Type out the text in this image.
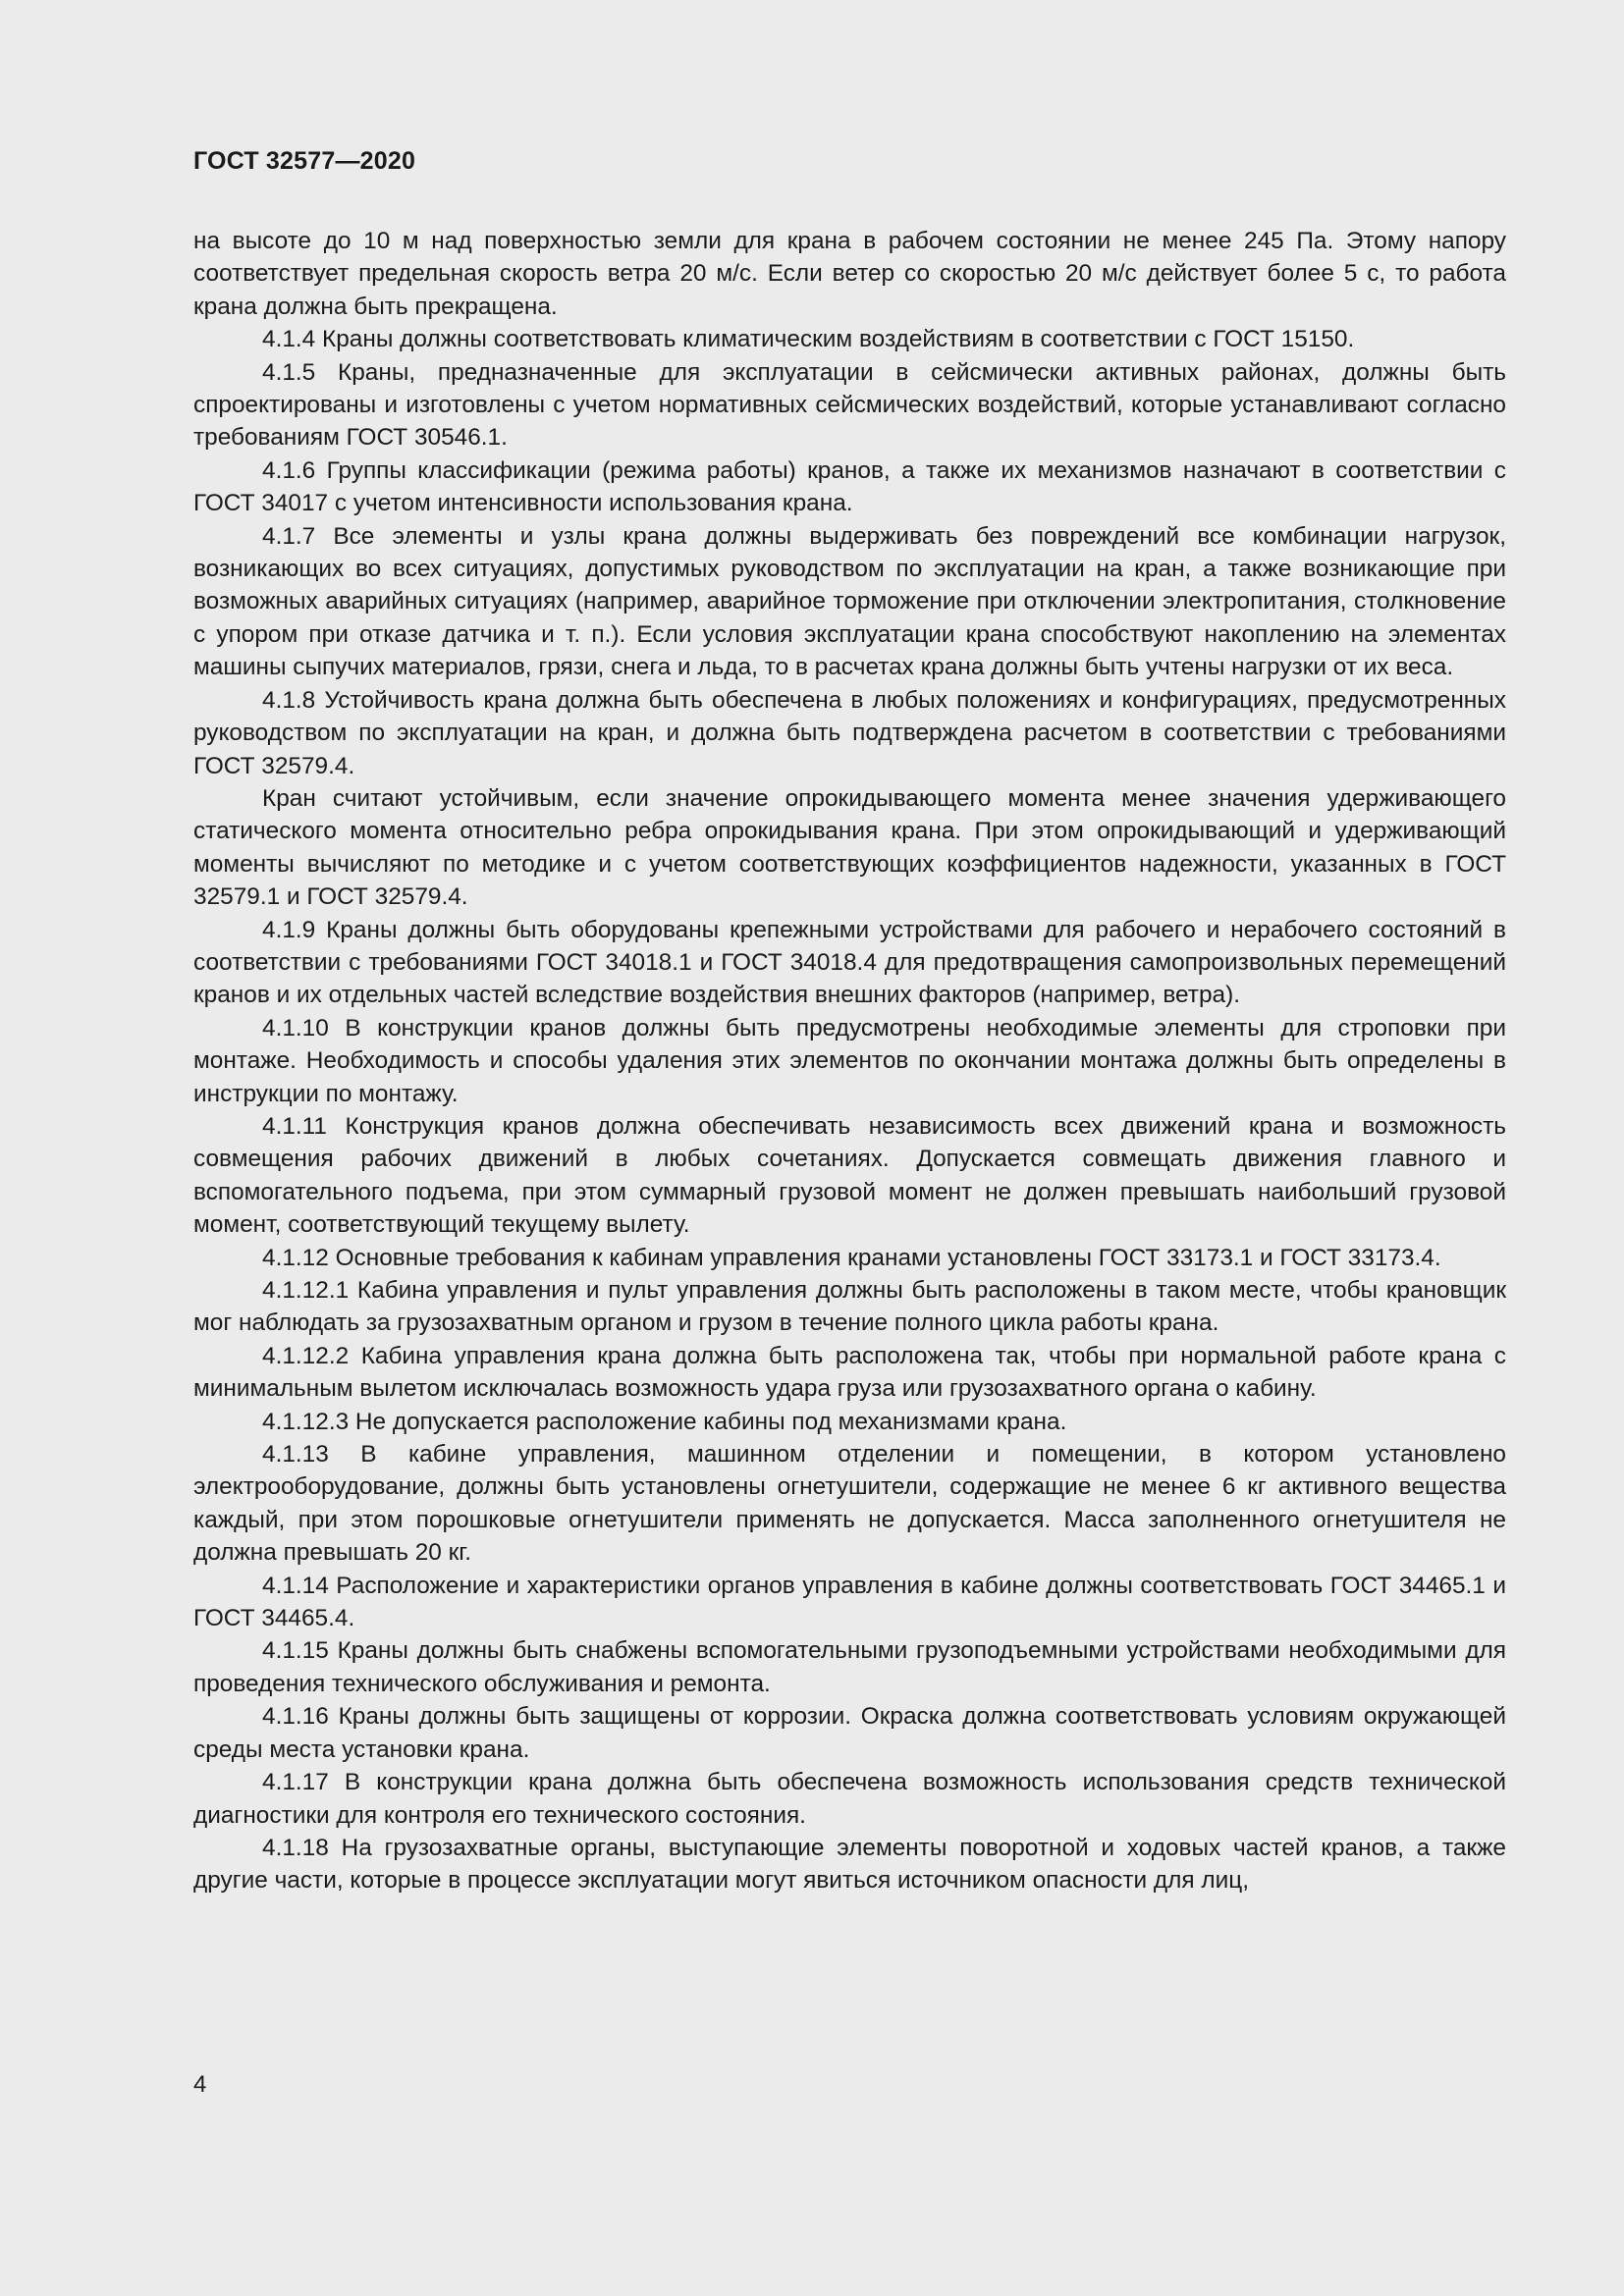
ГОСТ 32577—2020

на высоте до 10 м над поверхностью земли для крана в рабочем состоянии не менее 245 Па. Этому напору соответствует предельная скорость ветра 20 м/с. Если ветер со скоростью 20 м/с действует более 5 с, то работа крана должна быть прекращена.

4.1.4 Краны должны соответствовать климатическим воздействиям в соответствии с ГОСТ 15150.

4.1.5 Краны, предназначенные для эксплуатации в сейсмически активных районах, должны быть спроектированы и изготовлены с учетом нормативных сейсмических воздействий, которые устанавливают согласно требованиям ГОСТ 30546.1.

4.1.6 Группы классификации (режима работы) кранов, а также их механизмов назначают в соответствии с ГОСТ 34017 с учетом интенсивности использования крана.

4.1.7 Все элементы и узлы крана должны выдерживать без повреждений все комбинации нагрузок, возникающих во всех ситуациях, допустимых руководством по эксплуатации на кран, а также возникающие при возможных аварийных ситуациях (например, аварийное торможение при отключении электропитания, столкновение с упором при отказе датчика и т. п.). Если условия эксплуатации крана способствуют накоплению на элементах машины сыпучих материалов, грязи, снега и льда, то в расчетах крана должны быть учтены нагрузки от их веса.

4.1.8 Устойчивость крана должна быть обеспечена в любых положениях и конфигурациях, предусмотренных руководством по эксплуатации на кран, и должна быть подтверждена расчетом в соответствии с требованиями ГОСТ 32579.4.

Кран считают устойчивым, если значение опрокидывающего момента менее значения удерживающего статического момента относительно ребра опрокидывания крана. При этом опрокидывающий и удерживающий моменты вычисляют по методике и с учетом соответствующих коэффициентов надежности, указанных в ГОСТ 32579.1 и ГОСТ 32579.4.

4.1.9 Краны должны быть оборудованы крепежными устройствами для рабочего и нерабочего состояний в соответствии с требованиями ГОСТ 34018.1 и ГОСТ 34018.4 для предотвращения самопроизвольных перемещений кранов и их отдельных частей вследствие воздействия внешних факторов (например, ветра).

4.1.10 В конструкции кранов должны быть предусмотрены необходимые элементы для строповки при монтаже. Необходимость и способы удаления этих элементов по окончании монтажа должны быть определены в инструкции по монтажу.

4.1.11 Конструкция кранов должна обеспечивать независимость всех движений крана и возможность совмещения рабочих движений в любых сочетаниях. Допускается совмещать движения главного и вспомогательного подъема, при этом суммарный грузовой момент не должен превышать наибольший грузовой момент, соответствующий текущему вылету.

4.1.12 Основные требования к кабинам управления кранами установлены ГОСТ 33173.1 и ГОСТ 33173.4.

4.1.12.1 Кабина управления и пульт управления должны быть расположены в таком месте, чтобы крановщик мог наблюдать за грузозахватным органом и грузом в течение полного цикла работы крана.

4.1.12.2 Кабина управления крана должна быть расположена так, чтобы при нормальной работе крана с минимальным вылетом исключалась возможность удара груза или грузозахватного органа о кабину.

4.1.12.3 Не допускается расположение кабины под механизмами крана.

4.1.13 В кабине управления, машинном отделении и помещении, в котором установлено электрооборудование, должны быть установлены огнетушители, содержащие не менее 6 кг активного вещества каждый, при этом порошковые огнетушители применять не допускается. Масса заполненного огнетушителя не должна превышать 20 кг.

4.1.14 Расположение и характеристики органов управления в кабине должны соответствовать ГОСТ 34465.1 и ГОСТ 34465.4.

4.1.15 Краны должны быть снабжены вспомогательными грузоподъемными устройствами необходимыми для проведения технического обслуживания и ремонта.

4.1.16 Краны должны быть защищены от коррозии. Окраска должна соответствовать условиям окружающей среды места установки крана.

4.1.17 В конструкции крана должна быть обеспечена возможность использования средств технической диагностики для контроля его технического состояния.

4.1.18 На грузозахватные органы, выступающие элементы поворотной и ходовых частей кранов, а также другие части, которые в процессе эксплуатации могут явиться источником опасности для лиц,

4
